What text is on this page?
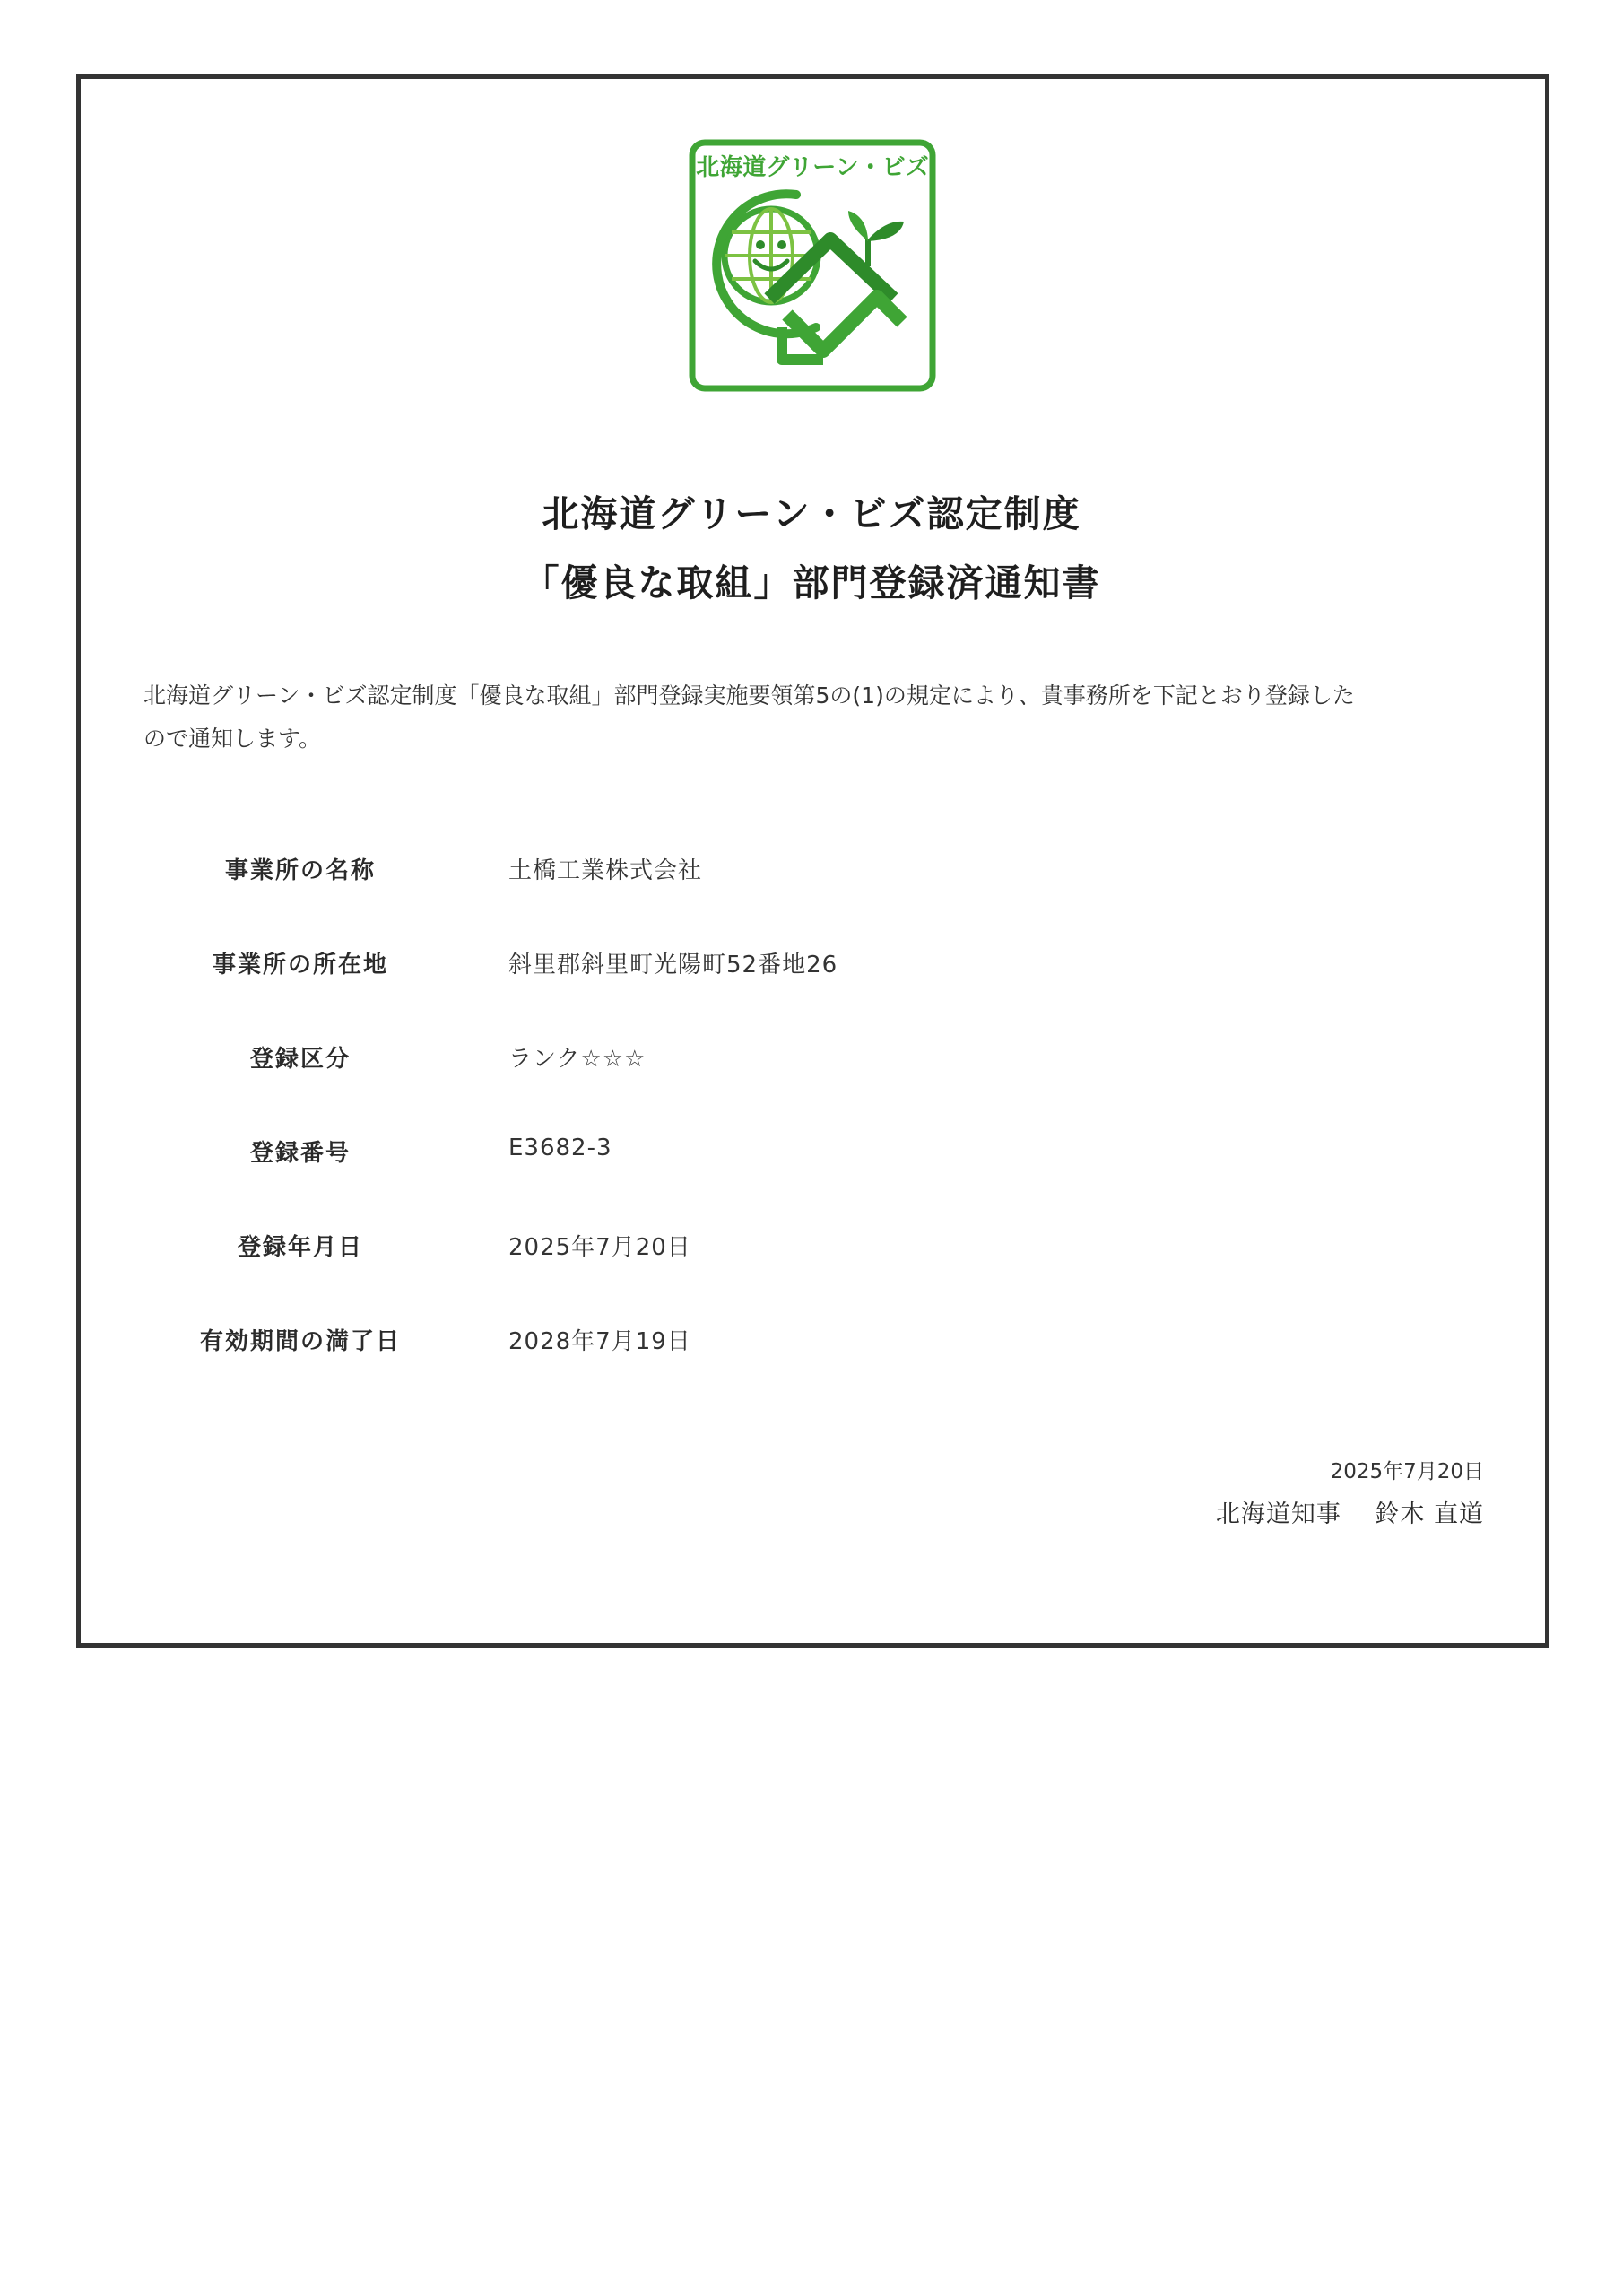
北海道グリーン・ビズ
北海道グリーン・ビズ認定制度
「優良な取組」部門登録済通知書
北海道グリーン・ビズ認定制度「優良な取組」部門登録実施要領第5の(1)の規定により、貴事務所を下記とおり登録した
ので通知します。
事業所の名称	土橋工業株式会社
事業所の所在地	斜里郡斜里町光陽町52番地26
登録区分	ランク☆☆☆
登録番号	E3682-3
登録年月日	2025年7月20日
有効期間の満了日	2028年7月19日
2025年7月20日
北海道知事　 鈴木 直道
